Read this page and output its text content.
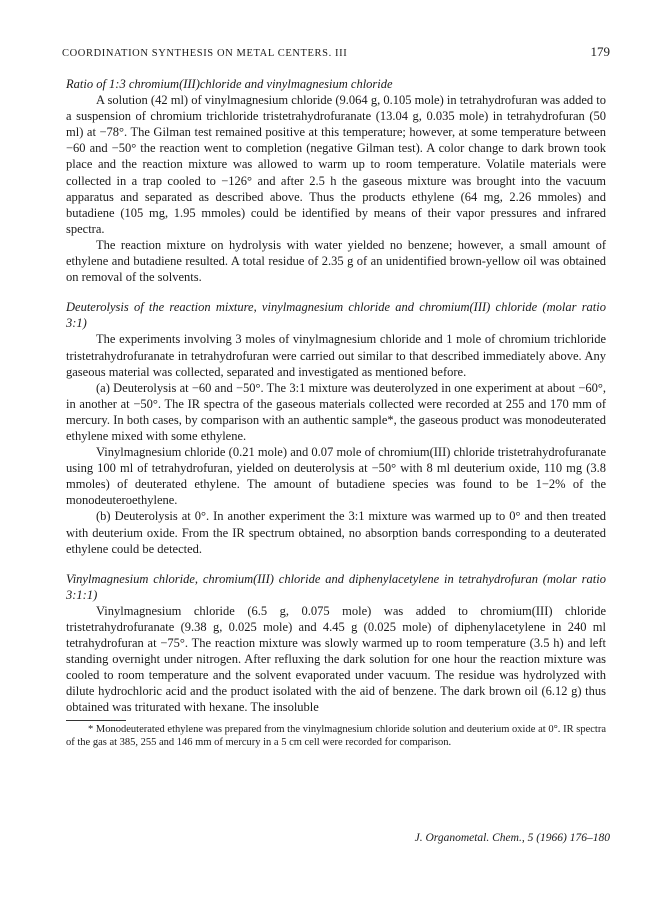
COORDINATION SYNTHESIS ON METAL CENTERS. III	179

Ratio of 1:3 chromium(III)chloride and vinylmagnesium chloride

A solution (42 ml) of vinylmagnesium chloride (9.064 g, 0.105 mole) in tetrahydrofuran was added to a suspension of chromium trichloride tristetrahydrofuranate (13.04 g, 0.035 mole) in tetrahydrofuran (50 ml) at −78°. The Gilman test remained positive at this temperature; however, at some temperature between −60 and −50° the reaction went to completion (negative Gilman test). A color change to dark brown took place and the reaction mixture was allowed to warm up to room temperature. Volatile materials were collected in a trap cooled to −126° and after 2.5 h the gaseous mixture was brought into the vacuum apparatus and separated as described above. Thus the products ethylene (64 mg, 2.26 mmoles) and butadiene (105 mg, 1.95 mmoles) could be identified by means of their vapor pressures and infrared spectra.

The reaction mixture on hydrolysis with water yielded no benzene; however, a small amount of ethylene and butadiene resulted. A total residue of 2.35 g of an unidentified brown-yellow oil was obtained on removal of the solvents.

Deuterolysis of the reaction mixture, vinylmagnesium chloride and chromium(III) chloride (molar ratio 3:1)

The experiments involving 3 moles of vinylmagnesium chloride and 1 mole of chromium trichloride tristetrahydrofuranate in tetrahydrofuran were carried out similar to that described immediately above. Any gaseous material was collected, separated and investigated as mentioned before.

(a) Deuterolysis at −60 and −50°. The 3:1 mixture was deuterolyzed in one experiment at about −60°, in another at −50°. The IR spectra of the gaseous materials collected were recorded at 255 and 170 mm of mercury. In both cases, by comparison with an authentic sample*, the gaseous product was monodeuterated ethylene mixed with some ethylene.

Vinylmagnesium chloride (0.21 mole) and 0.07 mole of chromium(III) chloride tristetrahydrofuranate using 100 ml of tetrahydrofuran, yielded on deuterolysis at −50° with 8 ml deuterium oxide, 110 mg (3.8 mmoles) of deuterated ethylene. The amount of butadiene species was found to be 1−2% of the monodeuteroethylene.

(b) Deuterolysis at 0°. In another experiment the 3:1 mixture was warmed up to 0° and then treated with deuterium oxide. From the IR spectrum obtained, no absorption bands corresponding to a deuterated ethylene could be detected.

Vinylmagnesium chloride, chromium(III) chloride and diphenylacetylene in tetrahydrofuran (molar ratio 3:1:1)

Vinylmagnesium chloride (6.5 g, 0.075 mole) was added to chromium(III) chloride tristetrahydrofuranate (9.38 g, 0.025 mole) and 4.45 g (0.025 mole) of diphenylacetylene in 240 ml tetrahydrofuran at −75°. The reaction mixture was slowly warmed up to room temperature (3.5 h) and left standing overnight under nitrogen. After refluxing the dark solution for one hour the reaction mixture was cooled to room temperature and the solvent evaporated under vacuum. The residue was hydrolyzed with dilute hydrochloric acid and the product isolated with the aid of benzene. The dark brown oil (6.12 g) thus obtained was triturated with hexane. The insoluble

* Monodeuterated ethylene was prepared from the vinylmagnesium chloride solution and deuterium oxide at 0°. IR spectra of the gas at 385, 255 and 146 mm of mercury in a 5 cm cell were recorded for comparison.

J. Organometal. Chem., 5 (1966) 176–180
